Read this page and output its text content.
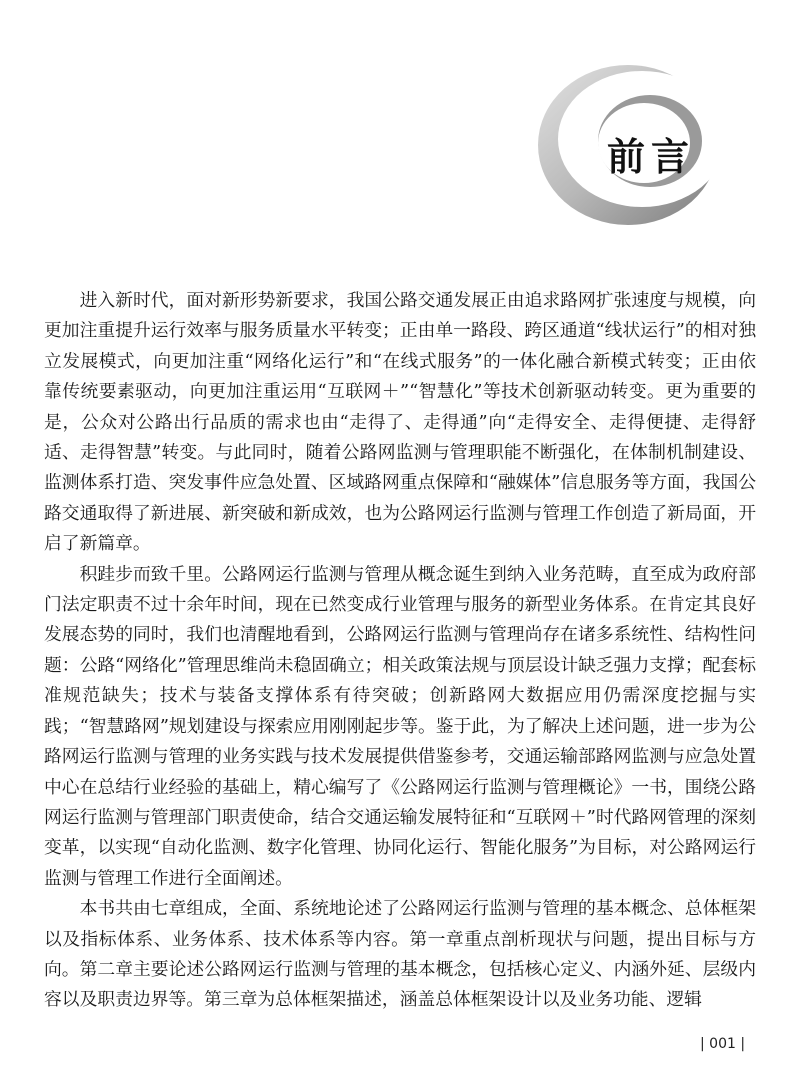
前言

进入新时代，面对新形势新要求，我国公路交通发展正由追求路网扩张速度与规模，向更加注重提升运行效率与服务质量水平转变；正由单一路段、跨区通道“线状运行”的相对独立发展模式，向更加注重“网络化运行”和“在线式服务”的一体化融合新模式转变；正由依靠传统要素驱动，向更加注重运用“互联网＋”“智慧化”等技术创新驱动转变。更为重要的是，公众对公路出行品质的需求也由“走得了、走得通”向“走得安全、走得便捷、走得舒适、走得智慧”转变。与此同时，随着公路网监测与管理职能不断强化，在体制机制建设、监测体系打造、突发事件应急处置、区域路网重点保障和“融媒体”信息服务等方面，我国公路交通取得了新进展、新突破和新成效，也为公路网运行监测与管理工作创造了新局面，开启了新篇章。

积跬步而致千里。公路网运行监测与管理从概念诞生到纳入业务范畴，直至成为政府部门法定职责不过十余年时间，现在已然变成行业管理与服务的新型业务体系。在肯定其良好发展态势的同时，我们也清醒地看到，公路网运行监测与管理尚存在诸多系统性、结构性问题：公路“网络化”管理思维尚未稳固确立；相关政策法规与顶层设计缺乏强力支撑；配套标准规范缺失；技术与装备支撑体系有待突破；创新路网大数据应用仍需深度挖掘与实践；“智慧路网”规划建设与探索应用刚刚起步等。鉴于此，为了解决上述问题，进一步为公路网运行监测与管理的业务实践与技术发展提供借鉴参考，交通运输部路网监测与应急处置中心在总结行业经验的基础上，精心编写了《公路网运行监测与管理概论》一书，围绕公路网运行监测与管理部门职责使命，结合交通运输发展特征和“互联网＋”时代路网管理的深刻变革，以实现“自动化监测、数字化管理、协同化运行、智能化服务”为目标，对公路网运行监测与管理工作进行全面阐述。

本书共由七章组成，全面、系统地论述了公路网运行监测与管理的基本概念、总体框架以及指标体系、业务体系、技术体系等内容。第一章重点剖析现状与问题，提出目标与方向。第二章主要论述公路网运行监测与管理的基本概念，包括核心定义、内涵外延、层级内容以及职责边界等。第三章为总体框架描述，涵盖总体框架设计以及业务功能、逻辑

| 001 |
